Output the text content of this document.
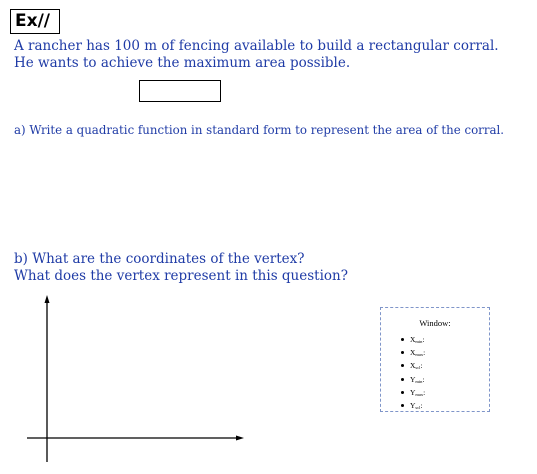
Ex//
A rancher has 100 m of fencing available to build a rectangular corral.
He wants to achieve the maximum area possible.
a) Write a quadratic function in standard form to represent the area of the corral.
b) What are the coordinates of the vertex?
What does the vertex represent in this question?
Window:
$X_{min}$:
$X_{max}$:
$X_{scl}$:
$Y_{min}$:
$Y_{max}$:
$Y_{scl}$:
